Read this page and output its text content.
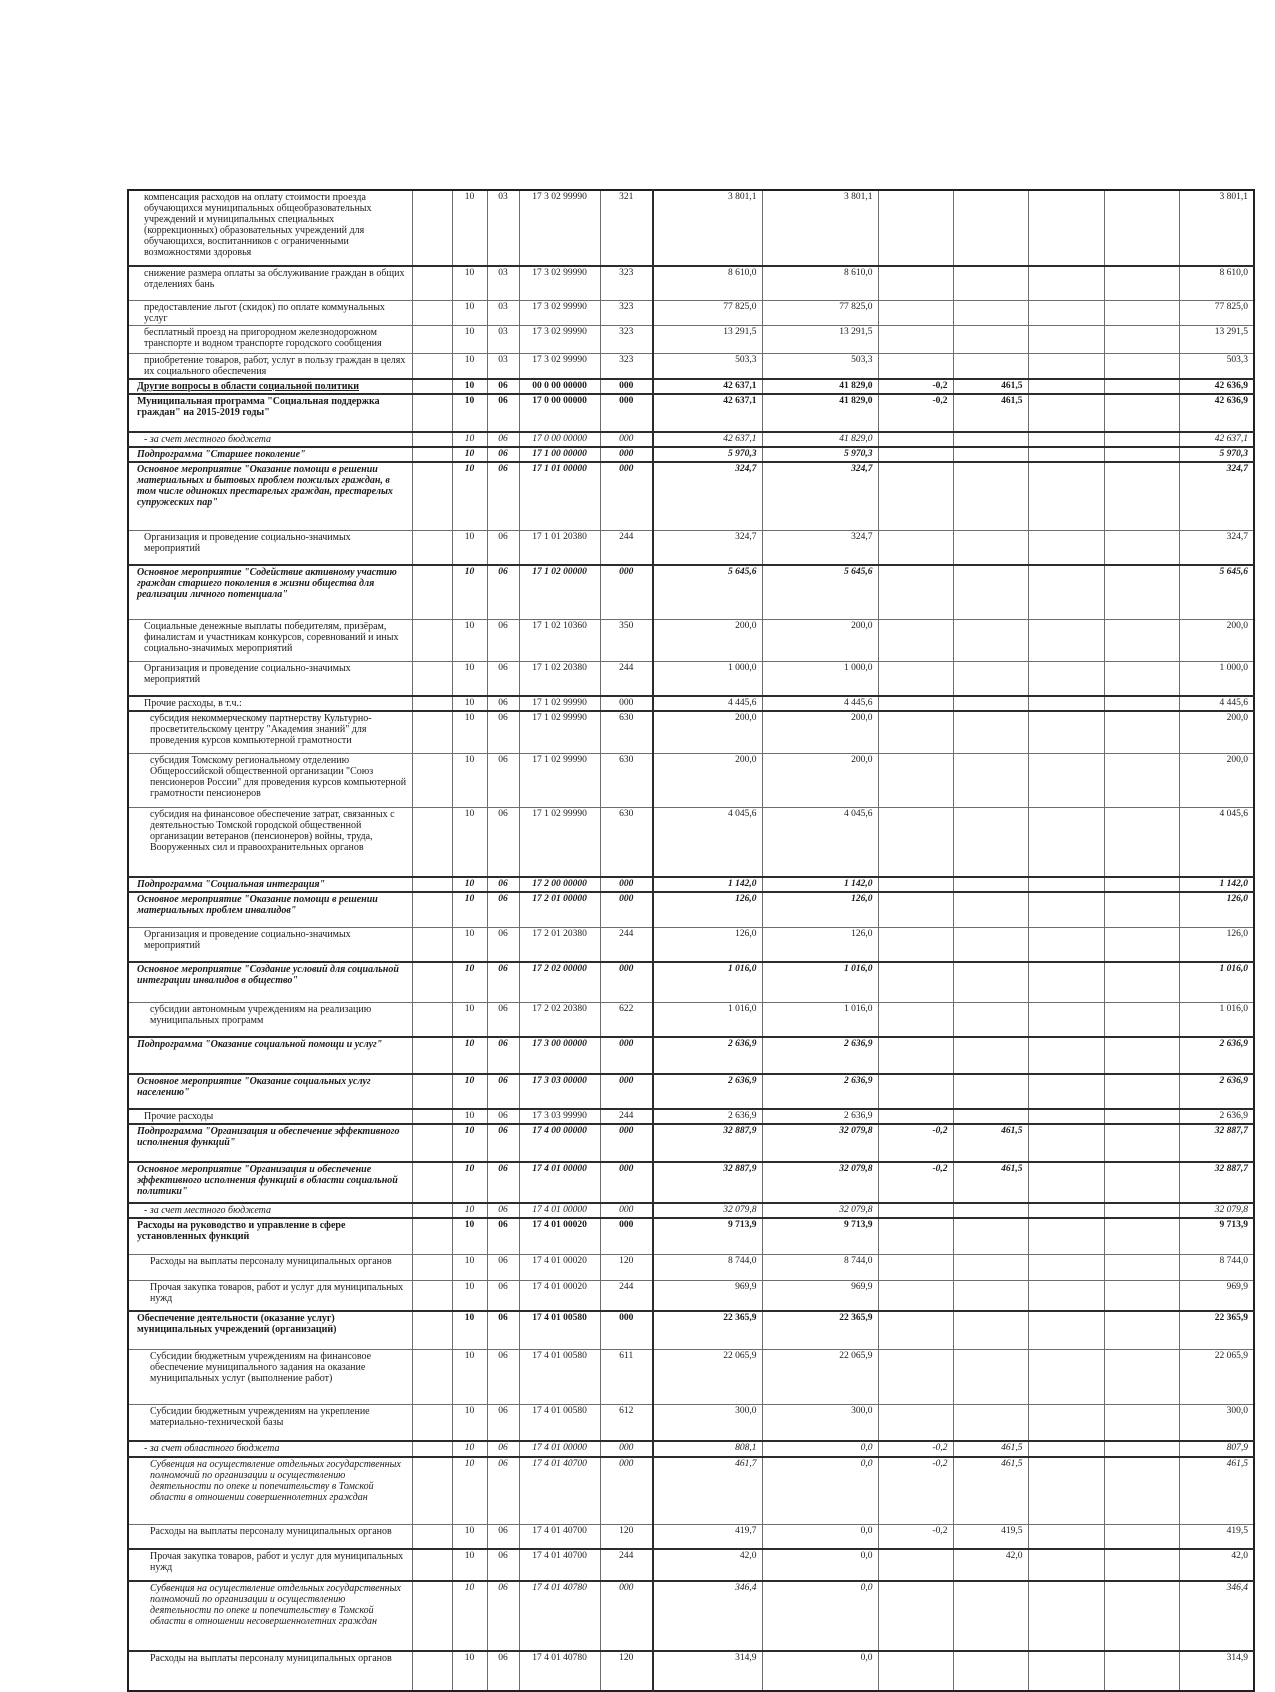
компенсация расходов на оплату стоимости проезда обучающихся муниципальных общеобразовательных учреждений и муниципальных специальных (коррекционных) образовательных учреждений для обучающихся, воспитанников с ограниченными возможностями здоровья		10	03	17 3 02 99990	321	3 801,1	3 801,1					3 801,1
снижение размера оплаты за обслуживание граждан в общих отделениях бань		10	03	17 3 02 99990	323	8 610,0	8 610,0					8 610,0
предоставление льгот (скидок) по оплате коммунальных услуг		10	03	17 3 02 99990	323	77 825,0	77 825,0					77 825,0
бесплатный проезд на пригородном железнодорожном транспорте и водном транспорте городского сообщения		10	03	17 3 02 99990	323	13 291,5	13 291,5					13 291,5
приобретение товаров, работ, услуг в пользу граждан в целях их социального обеспечения		10	03	17 3 02 99990	323	503,3	503,3					503,3
Другие вопросы в области социальной политики		10	06	00 0 00 00000	000	42 637,1	41 829,0	-0,2	461,5			42 636,9
Муниципальная программа "Социальная поддержка граждан" на 2015-2019 годы"		10	06	17 0 00 00000	000	42 637,1	41 829,0	-0,2	461,5			42 636,9
- за счет местного бюджета		10	06	17 0 00 00000	000	42 637,1	41 829,0					42 637,1
Подпрограмма "Старшее поколение"		10	06	17 1 00 00000	000	5 970,3	5 970,3					5 970,3
Основное мероприятие "Оказание помощи в решении материальных и бытовых проблем пожилых граждан, в том числе одиноких престарелых граждан, престарелых супружеских пар"		10	06	17 1 01 00000	000	324,7	324,7					324,7
Организация и проведение социально-значимых мероприятий		10	06	17 1 01 20380	244	324,7	324,7					324,7
Основное мероприятие "Содействие активному участию граждан старшего поколения в жизни общества для реализации личного потенциала"		10	06	17 1 02 00000	000	5 645,6	5 645,6					5 645,6
Социальные денежные выплаты победителям, призёрам, финалистам и участникам конкурсов, соревнований и иных социально-значимых мероприятий		10	06	17 1 02 10360	350	200,0	200,0					200,0
Организация и проведение социально-значимых мероприятий		10	06	17 1 02 20380	244	1 000,0	1 000,0					1 000,0
Прочие расходы, в т.ч.:		10	06	17 1 02 99990	000	4 445,6	4 445,6					4 445,6
субсидия некоммерческому партнерству Культурно-просветительскому центру "Академия знаний" для проведения курсов компьютерной грамотности		10	06	17 1 02 99990	630	200,0	200,0					200,0
субсидия Томскому региональному отделению Общероссийской общественной организации "Союз пенсионеров России" для проведения курсов компьютерной грамотности пенсионеров		10	06	17 1 02 99990	630	200,0	200,0					200,0
субсидия на финансовое обеспечение затрат, связанных с деятельностью Томской городской общественной организации ветеранов (пенсионеров) войны, труда, Вооруженных сил и правоохранительных органов		10	06	17 1 02 99990	630	4 045,6	4 045,6					4 045,6
Подпрограмма "Социальная интеграция"		10	06	17 2 00 00000	000	1 142,0	1 142,0					1 142,0
Основное мероприятие "Оказание помощи в решении материальных проблем инвалидов"		10	06	17 2 01 00000	000	126,0	126,0					126,0
Организация и проведение социально-значимых мероприятий		10	06	17 2 01 20380	244	126,0	126,0					126,0
Основное мероприятие "Создание условий для социальной интеграции инвалидов в общество"		10	06	17 2 02 00000	000	1 016,0	1 016,0					1 016,0
субсидии автономным учреждениям на реализацию муниципальных программ		10	06	17 2 02 20380	622	1 016,0	1 016,0					1 016,0
Подпрограмма "Оказание социальной помощи и услуг"		10	06	17 3 00 00000	000	2 636,9	2 636,9					2 636,9
Основное мероприятие "Оказание социальных услуг населению"		10	06	17 3 03 00000	000	2 636,9	2 636,9					2 636,9
Прочие расходы		10	06	17 3 03 99990	244	2 636,9	2 636,9					2 636,9
Подпрограмма "Организация и обеспечение эффективного исполнения функций"		10	06	17 4 00 00000	000	32 887,9	32 079,8	-0,2	461,5			32 887,7
Основное мероприятие "Организация и обеспечение эффективного исполнения функций в области социальной политики"		10	06	17 4 01 00000	000	32 887,9	32 079,8	-0,2	461,5			32 887,7
- за счет местного бюджета		10	06	17 4 01 00000	000	32 079,8	32 079,8					32 079,8
Расходы на руководство и управление в сфере установленных функций		10	06	17 4 01 00020	000	9 713,9	9 713,9					9 713,9
Расходы на выплаты персоналу муниципальных органов		10	06	17 4 01 00020	120	8 744,0	8 744,0					8 744,0
Прочая закупка товаров, работ и услуг для муниципальных нужд		10	06	17 4 01 00020	244	969,9	969,9					969,9
Обеспечение деятельности (оказание услуг) муниципальных учреждений (организаций)		10	06	17 4 01 00580	000	22 365,9	22 365,9					22 365,9
Субсидии бюджетным учреждениям на финансовое обеспечение муниципального задания на оказание муниципальных услуг (выполнение работ)		10	06	17 4 01 00580	611	22 065,9	22 065,9					22 065,9
Субсидии бюджетным учреждениям на укрепление материально-технической базы		10	06	17 4 01 00580	612	300,0	300,0					300,0
- за счет областного бюджета		10	06	17 4 01 00000	000	808,1	0,0	-0,2	461,5			807,9
Субвенция на осуществление отдельных государственных полномочий по организации и осуществлению деятельности по опеке и попечительству в Томской области в отношении совершеннолетних граждан		10	06	17 4 01 40700	000	461,7	0,0	-0,2	461,5			461,5
Расходы на выплаты персоналу муниципальных органов		10	06	17 4 01 40700	120	419,7	0,0	-0,2	419,5			419,5
Прочая закупка товаров, работ и услуг для муниципальных нужд		10	06	17 4 01 40700	244	42,0	0,0		42,0			42,0
Субвенция на осуществление отдельных государственных полномочий по организации и осуществлению деятельности по опеке и попечительству в Томской области в отношении несовершеннолетних граждан		10	06	17 4 01 40780	000	346,4	0,0					346,4
Расходы на выплаты персоналу муниципальных органов		10	06	17 4 01 40780	120	314,9	0,0					314,9
